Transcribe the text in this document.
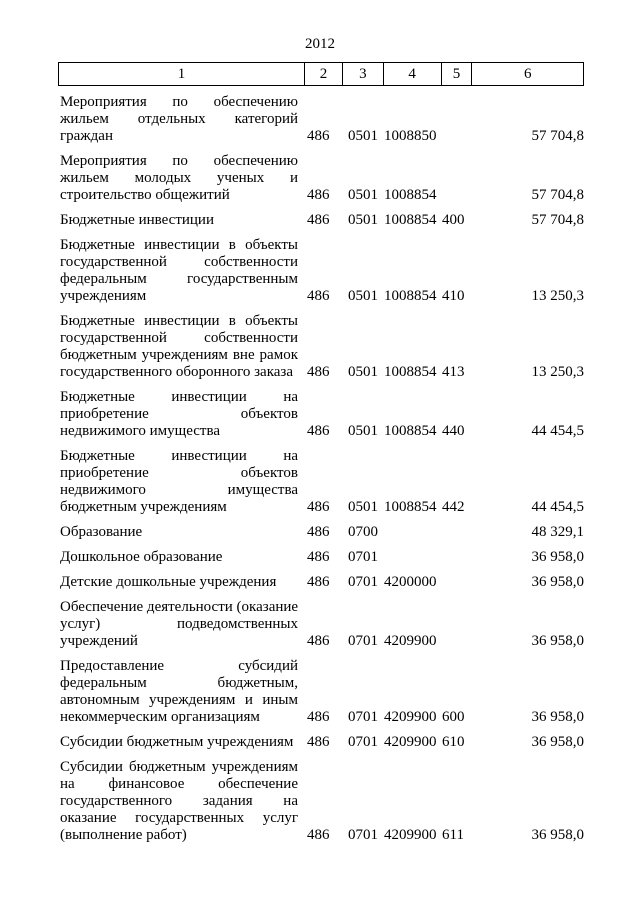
2012
1	2	3	4	5	6
Мероприятия по обеспечению
жильем отдельных категорий
граждан	486 0501 1008850	57 704,8
Мероприятия по обеспечению
жильем молодых ученых и
строительство общежитий	486 0501 1008854	57 704,8
Бюджетные инвестиции	486 0501 1008854 400	57 704,8
Бюджетные инвестиции в объекты
государственной собственности
федеральным государственным
учреждениям	486 0501 1008854 410	13 250,3
Бюджетные инвестиции в объекты
государственной собственности
бюджетным учреждениям вне рамок
государственного оборонного заказа 486 0501 1008854 413	13 250,3
Бюджетные инвестиции на
приобретение объектов
недвижимого имущества	486 0501 1008854 440	44 454,5
Бюджетные инвестиции на
приобретение объектов
недвижимого имущества
бюджетным учреждениям	486 0501 1008854 442	44 454,5
Образование	486 0700	48 329,1
Дошкольное образование	486 0701	36 958,0
Детские дошкольные учреждения	486 0701 4200000	36 958,0
Обеспечение деятельности (оказание
услуг) подведомственных
учреждений	486 0701 4209900	36 958,0
Предоставление субсидий
федеральным бюджетным,
автономным учреждениям и иным
некоммерческим организациям	486 0701 4209900 600	36 958,0
Субсидии бюджетным учреждениям 486 0701 4209900 610	36 958,0
Субсидии бюджетным учреждениям
на финансовое обеспечение
государственного задания на
оказание государственных услуг
(выполнение работ)	486 0701 4209900 611	36 958,0
